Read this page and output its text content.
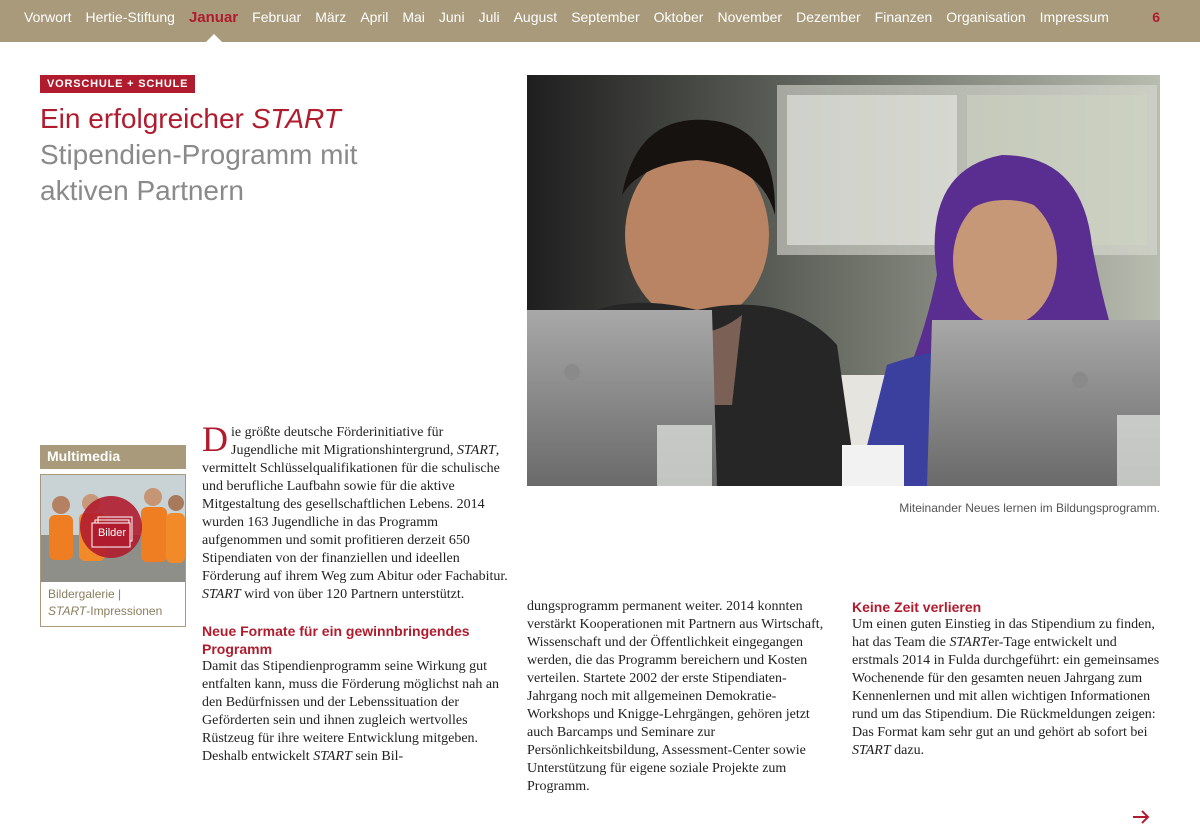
Vorwort Hertie-Stiftung Januar Februar März April Mai Juni Juli August September Oktober November Dezember Finanzen Organisation Impressum	6
VORSCHULE + SCHULE
Ein erfolgreicher START
Stipendien-Programm mit aktiven Partnern
Miteinander Neues lernen im Bildungsprogramm.
Multimedia
Bilder
Bildergalerie |
START-Impressionen

Die größte deutsche Förderinitiative für Jugendliche mit Migrationshintergrund, START, vermittelt Schlüsselqualifikationen für die schulische und berufliche Laufbahn sowie für die aktive Mitgestaltung des gesellschaftlichen Lebens. 2014 wurden 163 Jugendliche in das Programm aufgenommen und somit profitieren derzeit 650 Stipendiaten von der finanziellen und ideellen Förderung auf ihrem Weg zum Abitur oder Fachabitur. START wird von über 120 Partnern unterstützt.

Neue Formate für ein gewinnbringendes Programm

Damit das Stipendienprogramm seine Wirkung gut entfalten kann, muss die Förderung möglichst nah an den Bedürfnissen und der Lebenssituation der Geförderten sein und ihnen zugleich wertvolles Rüstzeug für ihre weitere Entwicklung mitgeben. Deshalb entwickelt START sein Bil-

dungsprogramm permanent weiter. 2014 konnten verstärkt Kooperationen mit Partnern aus Wirtschaft, Wissenschaft und der Öffentlichkeit eingegangen werden, die das Programm bereichern und Kosten verteilen. Startete 2002 der erste Stipendiaten-Jahrgang noch mit allgemeinen Demokratie-Workshops und Knigge-Lehrgängen, gehören jetzt auch Barcamps und Seminare zur Persönlichkeitsbildung, Assessment-Center sowie Unterstützung für eigene soziale Projekte zum Programm.

Keine Zeit verlieren

Um einen guten Einstieg in das Stipendium zu finden, hat das Team die STARTer-Tage entwickelt und erstmals 2014 in Fulda durchgeführt: ein gemeinsames Wochenende für den gesamten neuen Jahrgang zum Kennenlernen und mit allen wichtigen Informationen rund um das Stipendium. Die Rückmeldungen zeigen: Das Format kam sehr gut an und gehört ab sofort bei START dazu.
